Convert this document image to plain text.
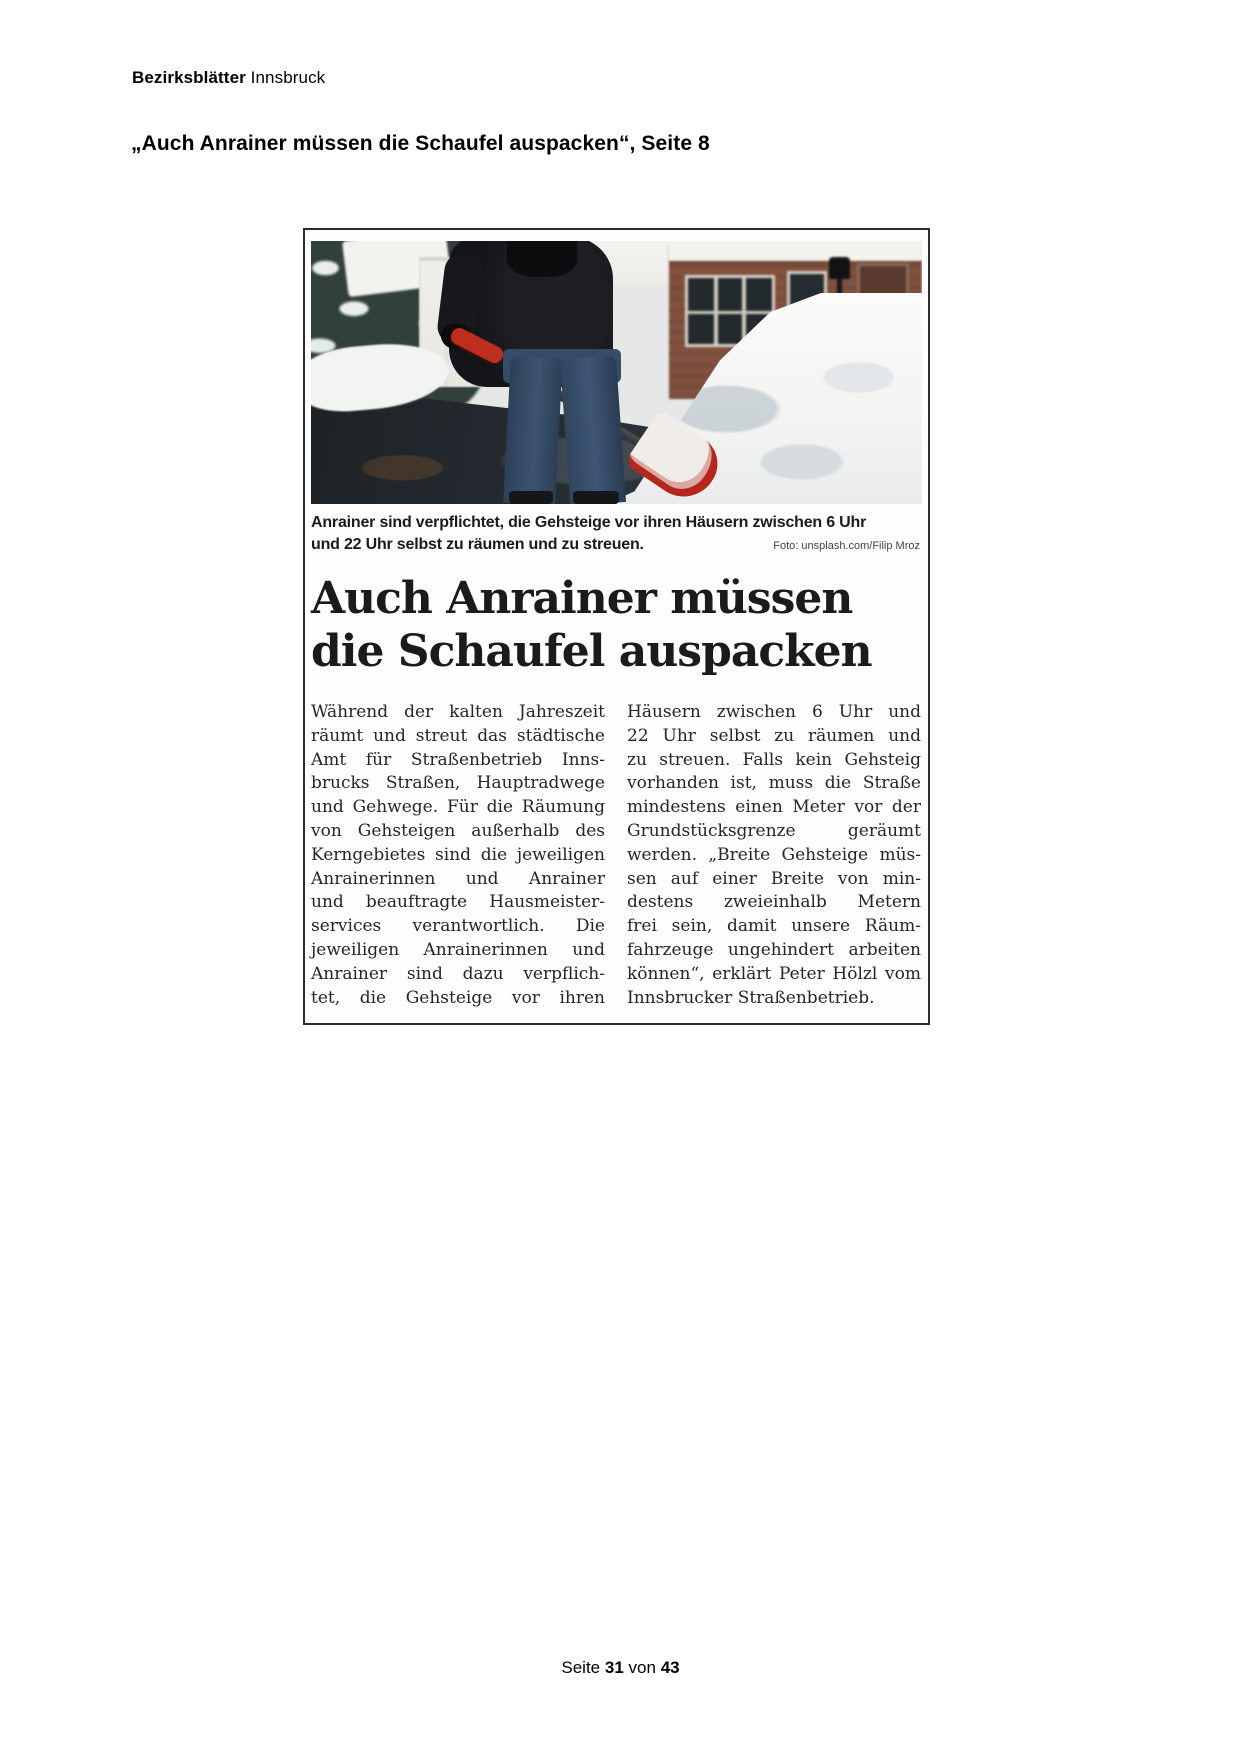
Bezirksblätter Innsbruck
„Auch Anrainer müssen die Schaufel auspacken“, Seite 8
Anrainer sind verpflichtet, die Gehsteige vor ihren Häusern zwischen 6 Uhr
und 22 Uhr selbst zu räumen und zu streuen.	Foto: unsplash.com/Filip Mroz
Auch Anrainer müssen
die Schaufel auspacken
Während der kalten Jahreszeit
räumt und streut das städtische
Amt für Straßenbetrieb Inns-
brucks Straßen, Hauptradwege
und Gehwege. Für die Räumung
von Gehsteigen außerhalb des
Kerngebietes sind die jeweiligen
Anrainerinnen und Anrainer
und beauftragte Hausmeister-
services verantwortlich. Die
jeweiligen Anrainerinnen und
Anrainer sind dazu verpflich-
tet, die Gehsteige vor ihren
Häusern zwischen 6 Uhr und
22 Uhr selbst zu räumen und
zu streuen. Falls kein Gehsteig
vorhanden ist, muss die Straße
mindestens einen Meter vor der
Grundstücksgrenze geräumt
werden. „Breite Gehsteige müs-
sen auf einer Breite von min-
destens zweieinhalb Metern
frei sein, damit unsere Räum-
fahrzeuge ungehindert arbeiten
können“, erklärt Peter Hölzl vom
Innsbrucker Straßenbetrieb.
Seite 31 von 43
